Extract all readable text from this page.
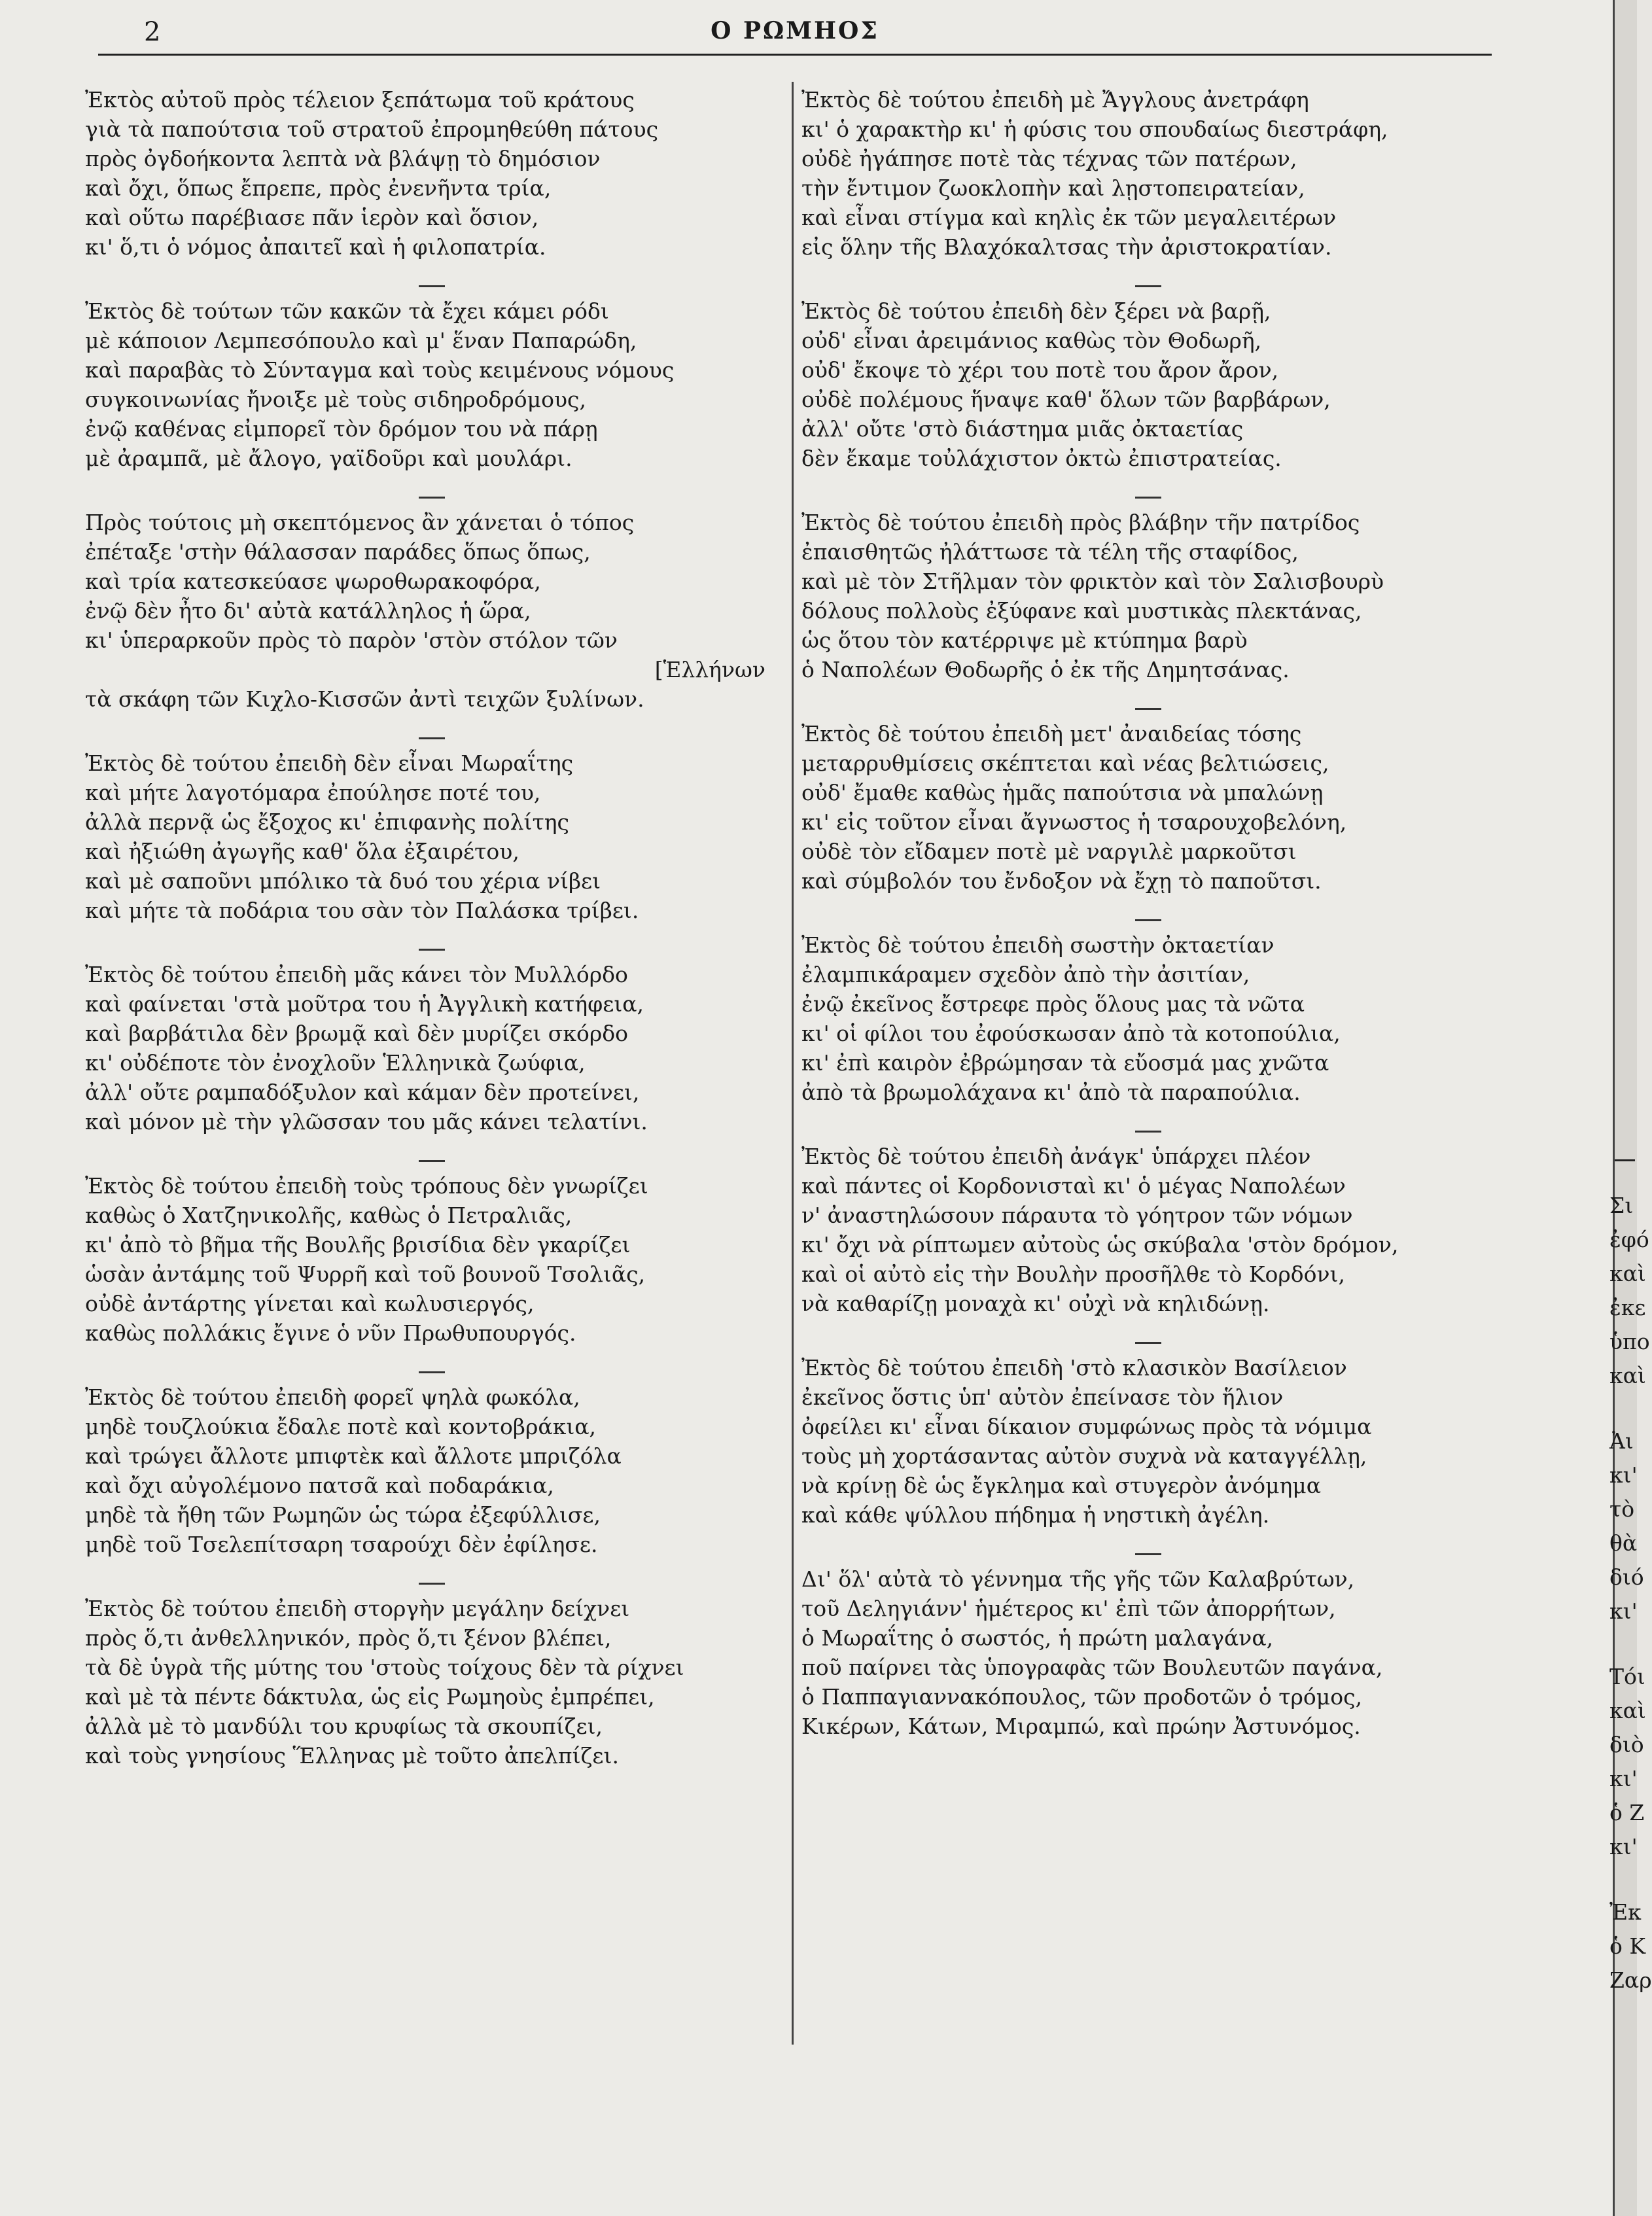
2	Ο ΡΩΜΗΟΣ
Ἐκτὸς αὐτοῦ πρὸς τέλειον ξεπάτωμα τοῦ κράτους
γιὰ τὰ παπούτσια τοῦ στρατοῦ ἐπρομηθεύθη πάτους
πρὸς ὀγδοήκοντα λεπτὰ νὰ βλάψῃ τὸ δημόσιον
καὶ ὄχι, ὅπως ἔπρεπε, πρὸς ἐνενῆντα τρία,
καὶ οὕτω παρέβιασε πᾶν ἱερὸν καὶ ὅσιον,
κι' ὅ,τι ὁ νόμος ἀπαιτεῖ καὶ ἡ φιλοπατρία.
Ἐκτὸς δὲ τούτων τῶν κακῶν τὰ ἔχει κάμει ρόδι
μὲ κάποιον Λεμπεσόπουλο καὶ μ' ἕναν Παπαρώδη,
καὶ παραβὰς τὸ Σύνταγμα καὶ τοὺς κειμένους νόμους
συγκοινωνίας ἤνοιξε μὲ τοὺς σιδηροδρόμους,
ἐνῷ καθένας εἰμπορεῖ τὸν δρόμον του νὰ πάρῃ
μὲ ἀραμπᾶ, μὲ ἄλογο, γαϊδοῦρι καὶ μουλάρι.
Πρὸς τούτοις μὴ σκεπτόμενος ἂν χάνεται ὁ τόπος
ἐπέταξε 'στὴν θάλασσαν παράδες ὅπως ὅπως,
καὶ τρία κατεσκεύασε ψωροθωρακοφόρα,
ἐνῷ δὲν ἦτο δι' αὐτὰ κατάλληλος ἡ ὥρα,
κι' ὑπεραρκοῦν πρὸς τὸ παρὸν 'στὸν στόλον τῶν
[Ἑλλήνων
τὰ σκάφη τῶν Κιχλο-Κισσῶν ἀντὶ τειχῶν ξυλίνων.
Ἐκτὸς δὲ τούτου ἐπειδὴ δὲν εἶναι Μωραΐτης
καὶ μήτε λαγοτόμαρα ἐπούλησε ποτέ του,
ἀλλὰ περνᾷ ὡς ἔξοχος κι' ἐπιφανὴς πολίτης
καὶ ἠξιώθη ἀγωγῆς καθ' ὅλα ἐξαιρέτου,
καὶ μὲ σαποῦνι μπόλικο τὰ δυό του χέρια νίβει
καὶ μήτε τὰ ποδάρια του σὰν τὸν Παλάσκα τρίβει.
Ἐκτὸς δὲ τούτου ἐπειδὴ μᾶς κάνει τὸν Μυλλόρδο
καὶ φαίνεται 'στὰ μοῦτρα του ἡ Ἀγγλικὴ κατήφεια,
καὶ βαρβάτιλα δὲν βρωμᾷ καὶ δὲν μυρίζει σκόρδο
κι' οὐδέποτε τὸν ἐνοχλοῦν Ἑλληνικὰ ζωύφια,
ἀλλ' οὔτε ραμπαδόξυλον καὶ κάμαν δὲν προτείνει,
καὶ μόνον μὲ τὴν γλῶσσαν του μᾶς κάνει τελατίνι.
Ἐκτὸς δὲ τούτου ἐπειδὴ τοὺς τρόπους δὲν γνωρίζει
καθὼς ὁ Χατζηνικολῆς, καθὼς ὁ Πετραλιᾶς,
κι' ἀπὸ τὸ βῆμα τῆς Βουλῆς βρισίδια δὲν γκαρίζει
ὡσὰν ἀντάμης τοῦ Ψυρρῆ καὶ τοῦ βουνοῦ Τσολιᾶς,
οὐδὲ ἀντάρτης γίνεται καὶ κωλυσιεργός,
καθὼς πολλάκις ἔγινε ὁ νῦν Πρωθυπουργός.
Ἐκτὸς δὲ τούτου ἐπειδὴ φορεῖ ψηλὰ φωκόλα,
μηδὲ τουζλούκια ἔδαλε ποτὲ καὶ κοντοβράκια,
καὶ τρώγει ἄλλοτε μπιφτὲκ καὶ ἄλλοτε μπριζόλα
καὶ ὄχι αὐγολέμονο πατσᾶ καὶ ποδαράκια,
μηδὲ τὰ ἤθη τῶν Ρωμηῶν ὡς τώρα ἐξεφύλλισε,
μηδὲ τοῦ Τσελεπίτσαρη τσαρούχι δὲν ἐφίλησε.
Ἐκτὸς δὲ τούτου ἐπειδὴ στοργὴν μεγάλην δείχνει
πρὸς ὅ,τι ἀνθελληνικόν, πρὸς ὅ,τι ξένον βλέπει,
τὰ δὲ ὑγρὰ τῆς μύτης του 'στοὺς τοίχους δὲν τὰ ρίχνει
καὶ μὲ τὰ πέντε δάκτυλα, ὡς εἰς Ρωμηοὺς ἐμπρέπει,
ἀλλὰ μὲ τὸ μανδύλι του κρυφίως τὰ σκουπίζει,
καὶ τοὺς γνησίους Ἕλληνας μὲ τοῦτο ἀπελπίζει.
Ἐκτὸς δὲ τούτου ἐπειδὴ μὲ Ἄγγλους ἀνετράφη
κι' ὁ χαρακτὴρ κι' ἡ φύσις του σπουδαίως διεστράφη,
οὐδὲ ἠγάπησε ποτὲ τὰς τέχνας τῶν πατέρων,
τὴν ἔντιμον ζωοκλοπὴν καὶ λῃστοπειρατείαν,
καὶ εἶναι στίγμα καὶ κηλὶς ἐκ τῶν μεγαλειτέρων
εἰς ὅλην τῆς Βλαχόκαλτσας τὴν ἀριστοκρατίαν.
Ἐκτὸς δὲ τούτου ἐπειδὴ δὲν ξέρει νὰ βαρῇ,
οὐδ' εἶναι ἀρειμάνιος καθὼς τὸν Θοδωρῆ,
οὐδ' ἔκοψε τὸ χέρι του ποτὲ του ἄρον ἄρον,
οὐδὲ πολέμους ἥναψε καθ' ὅλων τῶν βαρβάρων,
ἀλλ' οὔτε 'στὸ διάστημα μιᾶς ὀκταετίας
δὲν ἔκαμε τοὐλάχιστον ὀκτὼ ἐπιστρατείας.
Ἐκτὸς δὲ τούτου ἐπειδὴ πρὸς βλάβην τῆν πατρίδος
ἐπαισθητῶς ἠλάττωσε τὰ τέλη τῆς σταφίδος,
καὶ μὲ τὸν Στῆλμαν τὸν φρικτὸν καὶ τὸν Σαλισβουρὺ
δόλους πολλοὺς ἐξύφανε καὶ μυστικὰς πλεκτάνας,
ὡς ὅτου τὸν κατέρριψε μὲ κτύπημα βαρὺ
ὁ Ναπολέων Θοδωρῆς ὁ ἐκ τῆς Δημητσάνας.
Ἐκτὸς δὲ τούτου ἐπειδὴ μετ' ἀναιδείας τόσης
μεταρρυθμίσεις σκέπτεται καὶ νέας βελτιώσεις,
οὐδ' ἔμαθε καθὼς ἡμᾶς παπούτσια νὰ μπαλώνῃ
κι' εἰς τοῦτον εἶναι ἄγνωστος ἡ τσαρουχοβελόνη,
οὐδὲ τὸν εἴδαμεν ποτὲ μὲ ναργιλὲ μαρκοῦτσι
καὶ σύμβολόν του ἔνδοξον νὰ ἔχῃ τὸ παποῦτσι.
Ἐκτὸς δὲ τούτου ἐπειδὴ σωστὴν ὀκταετίαν
ἐλαμπικάραμεν σχεδὸν ἀπὸ τὴν ἀσιτίαν,
ἐνῷ ἐκεῖνος ἔστρεφε πρὸς ὅλους μας τὰ νῶτα
κι' οἱ φίλοι του ἐφούσκωσαν ἀπὸ τὰ κοτοπούλια,
κι' ἐπὶ καιρὸν ἐβρώμησαν τὰ εὔοσμά μας χνῶτα
ἀπὸ τὰ βρωμολάχανα κι' ἀπὸ τὰ παραπούλια.
Ἐκτὸς δὲ τούτου ἐπειδὴ ἀνάγκ' ὑπάρχει πλέον
καὶ πάντες οἱ Κορδονισταὶ κι' ὁ μέγας Ναπολέων
ν' ἀναστηλώσουν πάραυτα τὸ γόητρον τῶν νόμων
κι' ὄχι νὰ ρίπτωμεν αὐτοὺς ὡς σκύβαλα 'στὸν δρόμον,
καὶ οἱ αὐτὸ εἰς τὴν Βουλὴν προσῆλθε τὸ Κορδόνι,
νὰ καθαρίζῃ μοναχὰ κι' οὐχὶ νὰ κηλιδώνῃ.
Ἐκτὸς δὲ τούτου ἐπειδὴ 'στὸ κλασικὸν Βασίλειον
ἐκεῖνος ὅστις ὑπ' αὐτὸν ἐπείνασε τὸν ἥλιον
ὀφείλει κι' εἶναι δίκαιον συμφώνως πρὸς τὰ νόμιμα
τοὺς μὴ χορτάσαντας αὐτὸν συχνὰ νὰ καταγγέλλῃ,
νὰ κρίνῃ δὲ ὡς ἔγκλημα καὶ στυγερὸν ἀνόμημα
καὶ κάθε ψύλλου πήδημα ἡ νηστικὴ ἀγέλη.
Δι' ὅλ' αὐτὰ τὸ γέννημα τῆς γῆς τῶν Καλαβρύτων,
τοῦ Δεληγιάνν' ἡμέτερος κι' ἐπὶ τῶν ἀπορρήτων,
ὁ Μωραΐτης ὁ σωστός, ἡ πρώτη μαλαγάνα,
ποῦ παίρνει τὰς ὑπογραφὰς τῶν Βουλευτῶν παγάνα,
ὁ Παππαγιαννακόπουλος, τῶν προδοτῶν ὁ τρόμος,
Κικέρων, Κάτων, Μιραμπώ, καὶ πρώην Ἀστυνόμος.
Σι
ἐφό
καὶ
ἐκε
ὑπο
καὶ
Ἀι
κι'
τὸ
θὰ
διό
κι'
Τόι
καὶ
διὸ
κι'
ὁ Ζ
κι'
Ἐκ
ὁ Κ
Ζαρ
